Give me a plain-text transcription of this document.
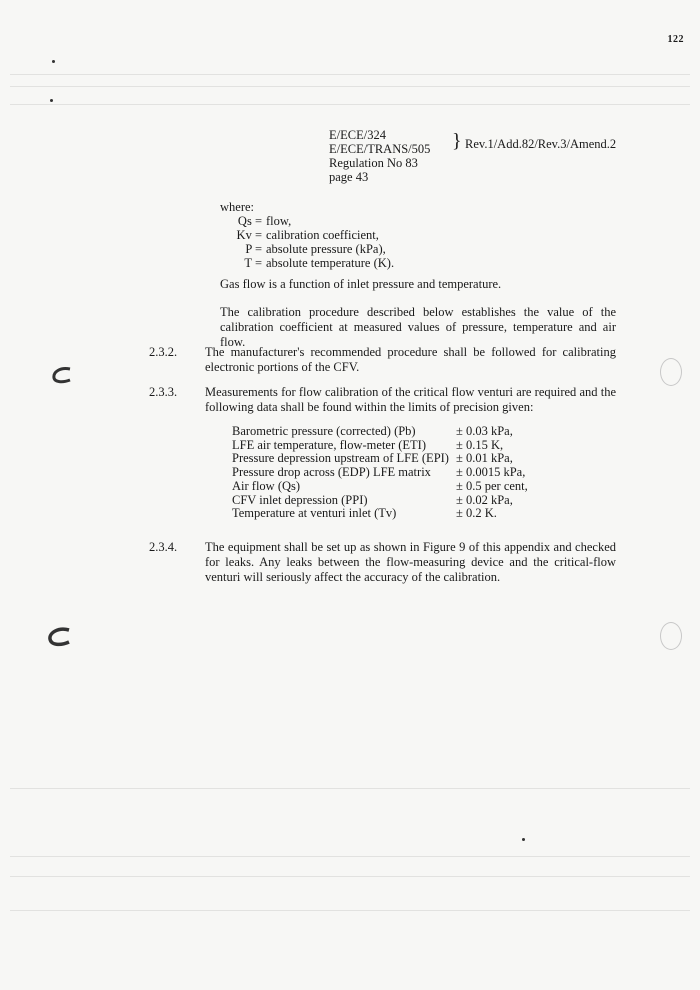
122
E/ECE/324
E/ECE/TRANS/505
Regulation No 83
page 43
} Rev.1/Add.82/Rev.3/Amend.2
where:
Qs = flow,
Kv = calibration coefficient,
P = absolute pressure (kPa),
T = absolute temperature (K).
Gas flow is a function of inlet pressure and temperature.
The calibration procedure described below establishes the value of the calibration coefficient at measured values of pressure, temperature and air flow.
2.3.2. The manufacturer's recommended procedure shall be followed for calibrating electronic portions of the CFV.
2.3.3. Measurements for flow calibration of the critical flow venturi are required and the following data shall be found within the limits of precision given:
Barometric pressure (corrected) (Pb)	± 0.03 kPa,
LFE air temperature, flow-meter (ETI)	± 0.15 K,
Pressure depression upstream of LFE (EPI)	± 0.01 kPa,
Pressure drop across (EDP) LFE matrix	± 0.0015 kPa,
Air flow (Qs)	± 0.5 per cent,
CFV inlet depression (PPI)	± 0.02 kPa,
Temperature at venturi inlet (Tv)	± 0.2 K.
2.3.4. The equipment shall be set up as shown in Figure 9 of this appendix and checked for leaks. Any leaks between the flow-measuring device and the critical-flow venturi will seriously affect the accuracy of the calibration.
